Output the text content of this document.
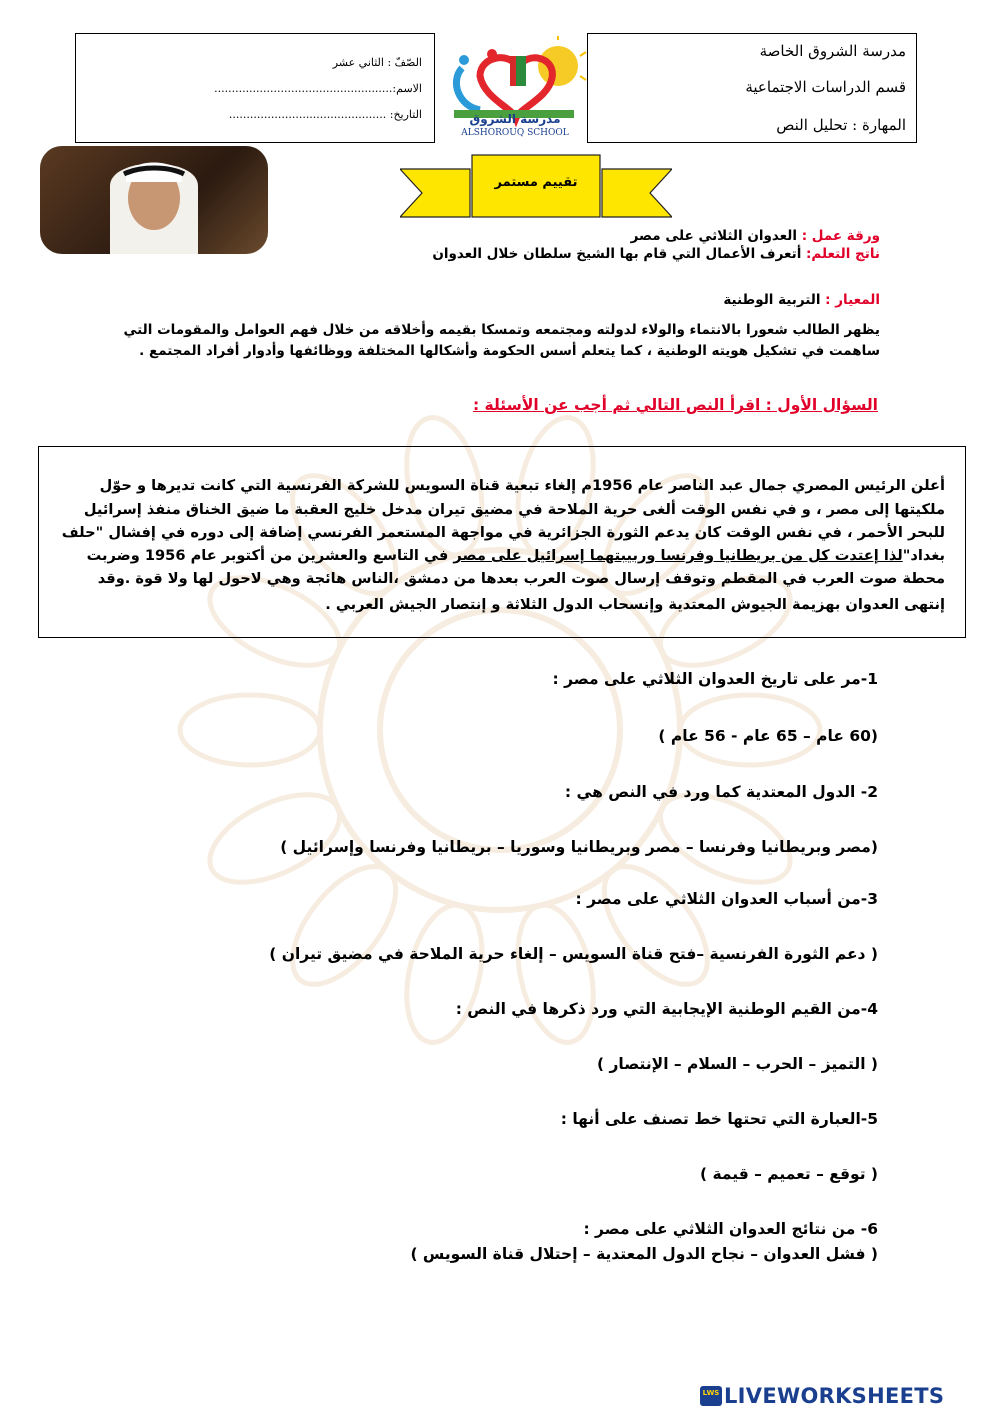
مدرسة الشروق الخاصة
قسم الدراسات الاجتماعية
المهارة : تحليل النص
الصّفّ : الثاني عشر
الاسم:...................................................
التاريخ: .............................................	مدرسة الشروق
ALSHOROUQ SCHOOL
تقييم مستمر
ورقة عمل : العدوان الثلاثي على مصر
ناتج التعلم: أتعرف الأعمال التي قام بها الشيخ سلطان خلال العدوان
المعيار : التربية الوطنية
يظهر الطالب شعورا بالانتماء والولاء لدولته ومجتمعه وتمسكا بقيمه وأخلاقه من خلال فهم العوامل والمقومات التي
ساهمت في تشكيل هويته الوطنية ، كما يتعلم أسس الحكومة وأشكالها المختلفة ووظائفها وأدوار أفراد المجتمع .
السؤال الأول : اقرأ النص التالي ثم أجب عن الأسئلة :
أعلن الرئيس المصري جمال عبد الناصر عام 1956م إلغاء تبعية قناة السويس للشركة الفرنسية التي كانت تديرها و حوّل
ملكيتها إلى مصر ، و في نفس الوقت ألغى حرية الملاحة في مضيق تيران مدخل خليج العقبة ما ضيق الخناق منفذ إسرائيل
للبحر الأحمر ، في نفس الوقت كان يدعم الثورة الجزائرية في مواجهة المستعمر الفرنسي إضافة إلى دوره في إفشال "حلف
بغداد"لذا إعتدت كل من بريطانيا وفرنسا وربيبتهما إسرائيل على مصر في التاسع والعشرين من أكتوبر عام 1956 وضربت
محطة صوت العرب في المقطم وتوقف إرسال صوت العرب بعدها من دمشق ،الناس هائجة وهي لاحول لها ولا قوة .وقد
إنتهى العدوان بهزيمة الجيوش المعتدية وإنسحاب الدول الثلاثة و إنتصار الجيش العربي .
1-مر على تاريخ العدوان الثلاثي على مصر :
(60 عام – 65 عام - 56 عام )
2- الدول المعتدية كما ورد في النص هي :
(مصر وبريطانيا وفرنسا – مصر وبريطانيا وسوريا – بريطانيا وفرنسا وإسرائيل )
3-من أسباب العدوان الثلاثي على مصر :
( دعم الثورة الفرنسية –فتح قناة السويس – إلغاء حرية الملاحة في مضيق تيران )
4-من القيم الوطنية الإيجابية التي ورد ذكرها في النص :
( التميز – الحرب – السلام – الإنتصار )
5-العبارة التي تحتها خط تصنف على أنها :
( توقع – تعميم – قيمة )
6- من نتائج العدوان الثلاثي على مصر :
( فشل العدوان – نجاح الدول المعتدية – إحتلال قناة السويس )
LWS LIVEWORKSHEETS
